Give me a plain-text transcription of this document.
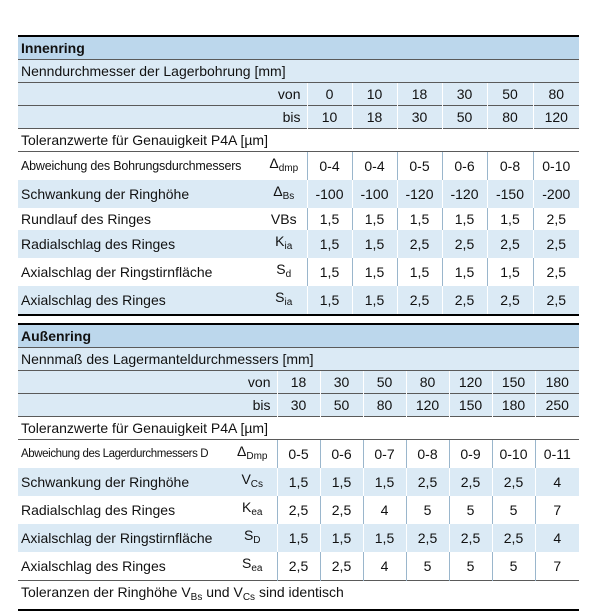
Innenring							
Nenndurchmesser der Lagerbohrung [mm]							
von		0	10	18	30	50	80
bis		10	18	30	50	80	120
Toleranzwerte für Genauigkeit P4A [µm]							
Abweichung des Bohrungsdurchmessers	$\Delta_{dmp}$	0-4	0-4	0-5	0-6	0-8	0-10
Schwankung der Ringhöhe	$\Delta_{Bs}$	-100	-100	-120	-120	-150	-200
Rundlauf des Ringes	VBs	1,5	1,5	1,5	1,5	1,5	2,5
Radialschlag des Ringes	$K_{ia}$	1,5	1,5	2,5	2,5	2,5	2,5
Axialschlag der Ringstirnfläche	$S_d$	1,5	1,5	1,5	1,5	1,5	2,5
Axialschlag des Ringes	$S_{ia}$	1,5	1,5	2,5	2,5	2,5	2,5
Außenring								
Nennmaß des Lagermanteldurchmessers [mm]								
von		18	30	50	80	120	150	180
bis		30	50	80	120	150	180	250
Toleranzwerte für Genauigkeit P4A [µm]								
Abweichung des Lagerdurchmessers D	$\Delta_{Dmp}$	0-5	0-6	0-7	0-8	0-9	0-10	0-11
Schwankung der Ringhöhe	$V_{Cs}$	1,5	1,5	1,5	2,5	2,5	2,5	4
Radialschlag des Ringes	$K_{ea}$	2,5	2,5	4	5	5	5	7
Axialschlag der Ringstirnfläche	$S_D$	1,5	1,5	1,5	2,5	2,5	2,5	4
Axialschlag des Ringes	$S_{ea}$	2,5	2,5	4	5	5	5	7
Toleranzen der Ringhöhe $V_{Bs}$ und $V_{Cs}$ sind identisch								
